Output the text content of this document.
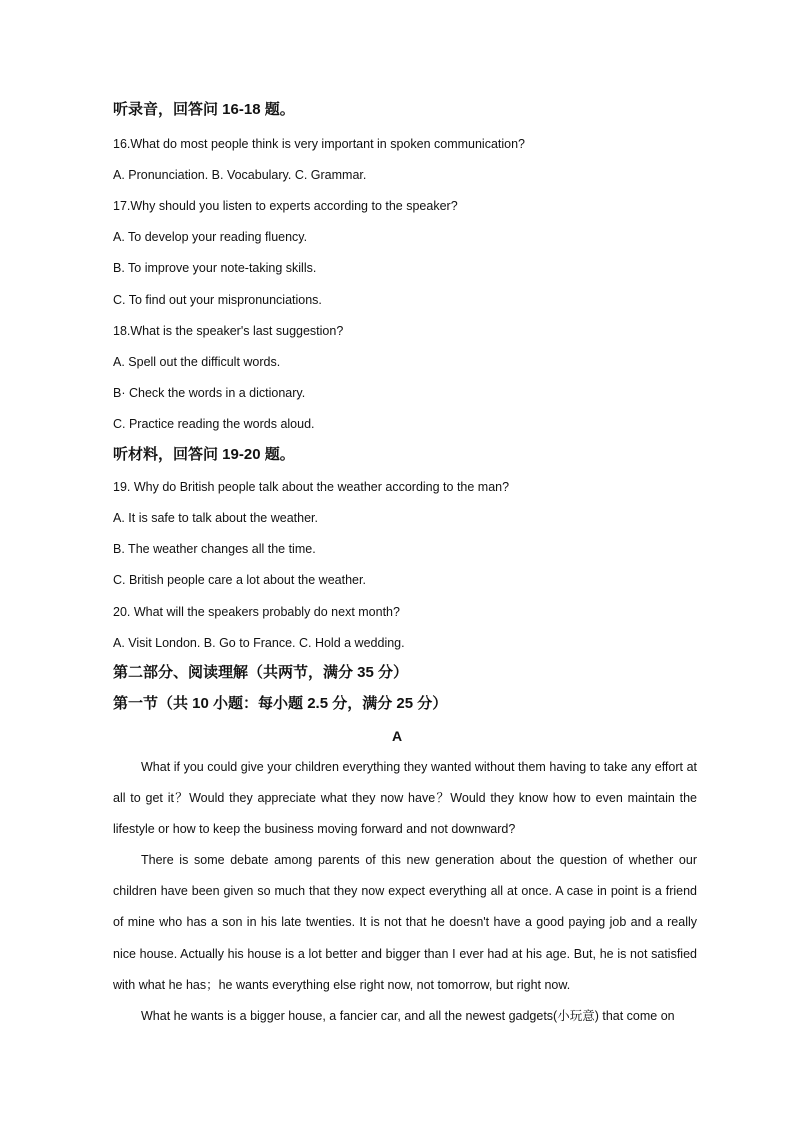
听录音，回答问 16-18 题。
16.What do most people think is very important in spoken communication?
A. Pronunciation. B. Vocabulary. C. Grammar.
17.Why should you listen to experts according to the speaker?
A. To develop your reading fluency.
B. To improve your note-taking skills.
C. To find out your mispronunciations.
18.What is the speaker's last suggestion?
A. Spell out the difficult words.
B· Check the words in a dictionary.
C. Practice reading the words aloud.
听材料，回答问 19-20 题。
19. Why do British people talk about the weather according to the man?
A. It is safe to talk about the weather.
B. The weather changes all the time.
C. British people care a lot about the weather.
20. What will the speakers probably do next month?
A. Visit London. B. Go to France. C. Hold a wedding.
第二部分、阅读理解（共两节，满分 35 分）
第一节（共 10 小题：每小题 2.5 分，满分 25 分）
A
What if you could give your children everything they wanted without them having to take any effort at all to get it？Would they appreciate what they now have？Would they know how to even maintain the lifestyle or how to keep the business moving forward and not downward?
There is some debate among parents of this new generation about the question of whether our children have been given so much that they now expect everything all at once. A case in point is a friend of mine who has a son in his late twenties. It is not that he doesn't have a good paying job and a really nice house. Actually his house is a lot better and bigger than I ever had at his age. But, he is not satisfied with what he has；he wants everything else right now, not tomorrow, but right now.
What he wants is a bigger house, a fancier car, and all the newest gadgets(小玩意) that come on
